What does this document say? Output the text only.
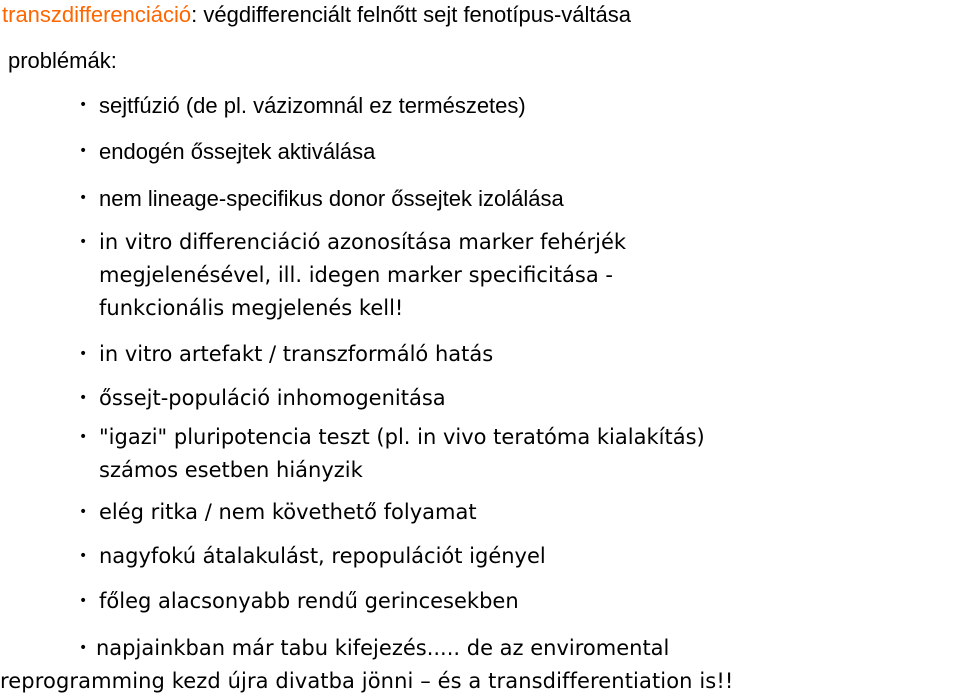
transzdifferenciáció: végdifferenciált felnőtt sejt fenotípus-váltása
problémák:
• sejtfúzió (de pl. vázizomnál ez természetes)
• endogén őssejtek aktiválása
• nem lineage-specifikus donor őssejtek izolálása
• in vitro differenciáció azonosítása marker fehérjék
megjelenésével, ill. idegen marker specificitása -
funkcionális megjelenés kell!
• in vitro artefakt / transzformáló hatás
• őssejt-populáció inhomogenitása
• "igazi" pluripotencia teszt (pl. in vivo teratóma kialakítás)
számos esetben hiányzik
• elég ritka / nem követhető folyamat
• nagyfokú átalakulást, repopulációt igényel
• főleg alacsonyabb rendű gerincesekben
• napjainkban már tabu kifejezés..... de az enviromental
reprogramming kezd újra divatba jönni – és a transdifferentiation is!!
